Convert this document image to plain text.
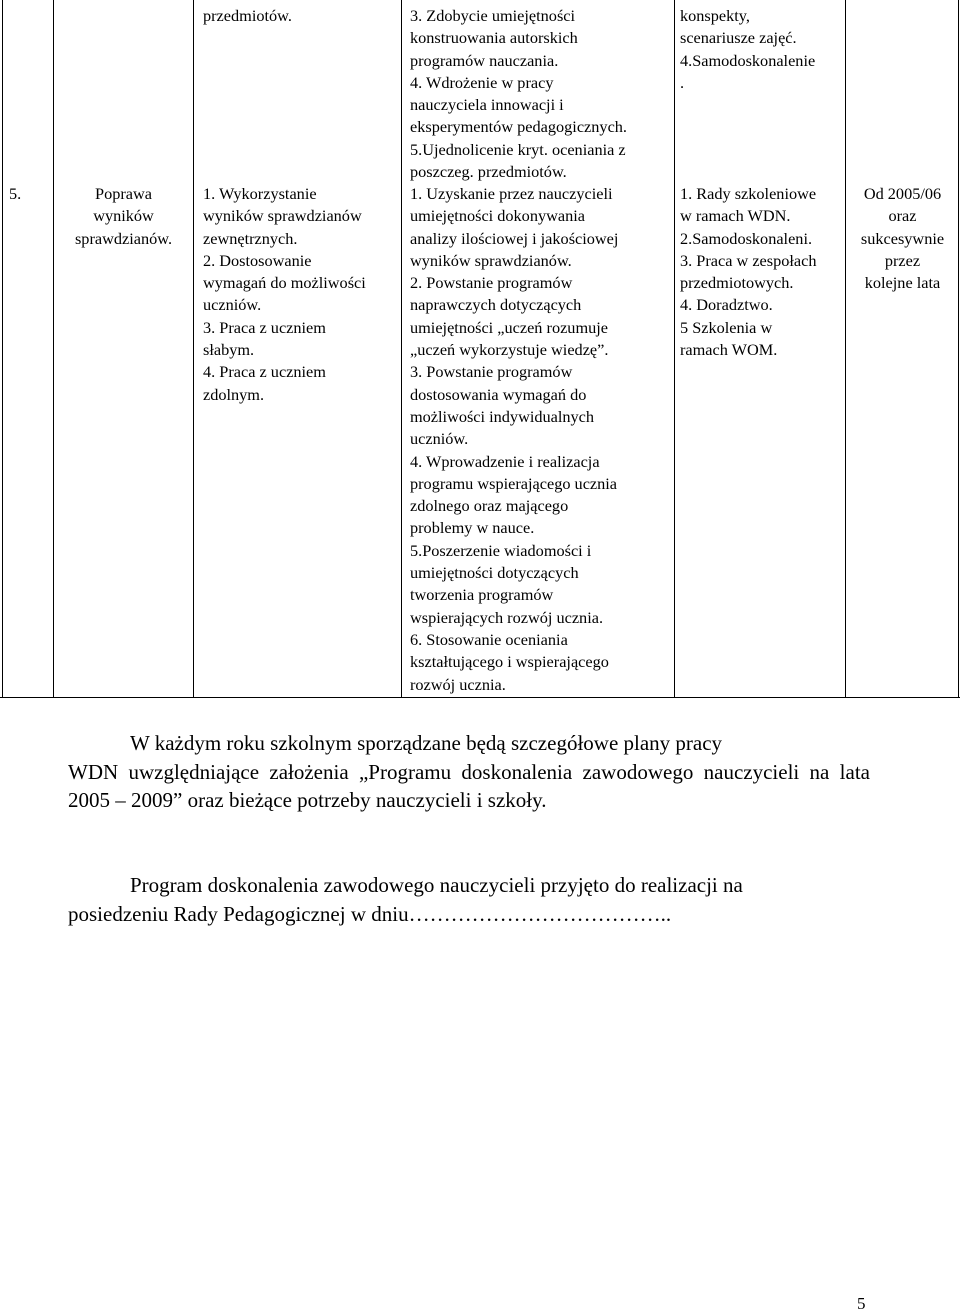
przedmiotów.	3. Zdobycie umiejętności
konstruowania autorskich
programów nauczania.
4. Wdrożenie w pracy
nauczyciela innowacji i
eksperymentów pedagogicznych.
5.Ujednolicenie kryt. oceniania z
poszczeg. przedmiotów.
konspekty,
scenariusze zajęć.
4.Samodoskonalenie
.
5.	Poprawa
wyników
sprawdzianów.
1. Wykorzystanie
wyników sprawdzianów
zewnętrznych.
2. Dostosowanie
wymagań do możliwości
uczniów.
3. Praca z uczniem
słabym.
4. Praca z uczniem
zdolnym.
1. Uzyskanie przez nauczycieli
umiejętności dokonywania
analizy ilościowej i jakościowej
wyników sprawdzianów.
2. Powstanie programów
naprawczych dotyczących
umiejętności „uczeń rozumuje
„uczeń wykorzystuje wiedzę”.
3. Powstanie programów
dostosowania wymagań do
możliwości indywidualnych
uczniów.
4. Wprowadzenie i realizacja
programu wspierającego ucznia
zdolnego oraz mającego
problemy w nauce.
5.Poszerzenie wiadomości i
umiejętności dotyczących
tworzenia programów
wspierających rozwój ucznia.
6. Stosowanie oceniania
kształtującego i wspierającego
rozwój ucznia.
1. Rady szkoleniowe
w ramach WDN.
2.Samodoskonaleni.
3. Praca w zespołach
przedmiotowych.
4. Doradztwo.
5 Szkolenia w
ramach WOM.
Od 2005/06
oraz
sukcesywnie
przez
kolejne lata
W każdym roku szkolnym sporządzane będą szczegółowe plany pracy
WDN uwzględniające założenia „Programu doskonalenia zawodowego nauczycieli na lata 2005 – 2009” oraz bieżące potrzeby nauczycieli i szkoły.
Program doskonalenia zawodowego nauczycieli przyjęto do realizacji na
posiedzeniu Rady Pedagogicznej w dniu………………………………..
5
